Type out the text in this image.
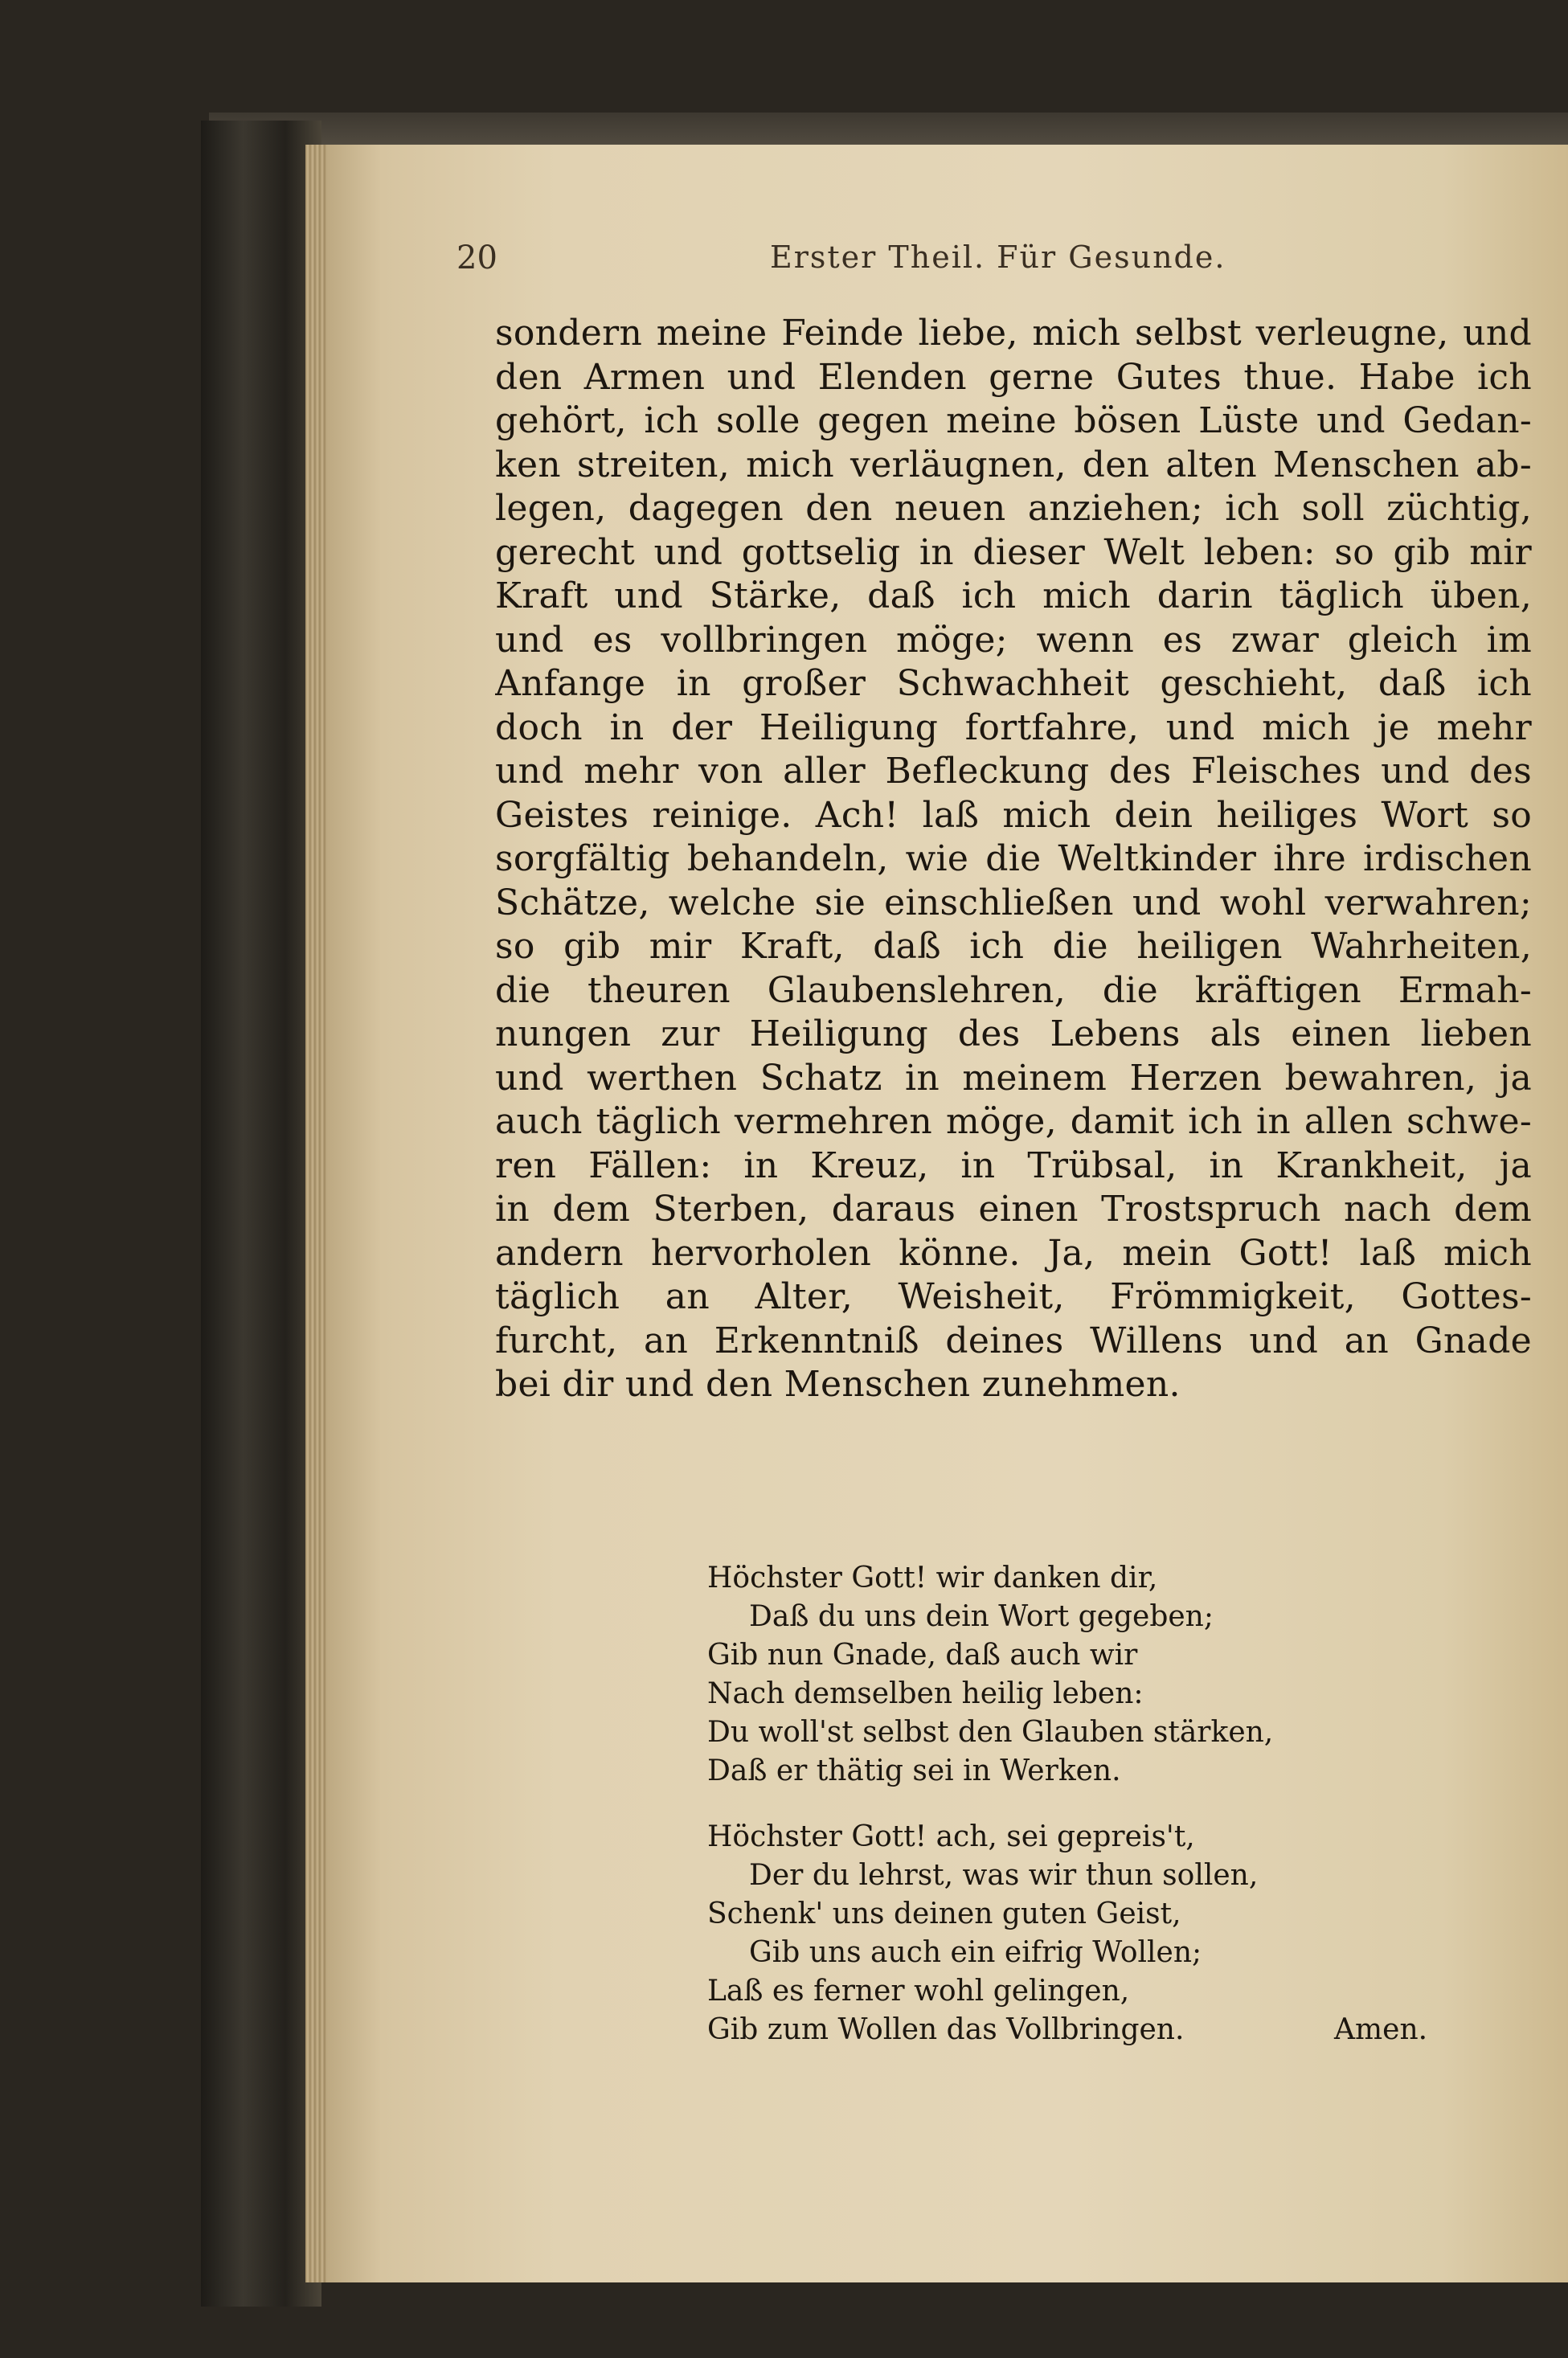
20	Erster Theil. Für Gesunde.
sondern meine Feinde liebe, mich selbst verleugne, und
den Armen und Elenden gerne Gutes thue. Habe ich
gehört, ich solle gegen meine bösen Lüste und Gedan-
ken streiten, mich verläugnen, den alten Menschen ab-
legen, dagegen den neuen anziehen; ich soll züchtig,
gerecht und gottselig in dieser Welt leben: so gib mir
Kraft und Stärke, daß ich mich darin täglich üben,
und es vollbringen möge; wenn es zwar gleich im
Anfange in großer Schwachheit geschieht, daß ich
doch in der Heiligung fortfahre, und mich je mehr
und mehr von aller Befleckung des Fleisches und des
Geistes reinige. Ach! laß mich dein heiliges Wort so
sorgfältig behandeln, wie die Weltkinder ihre irdischen
Schätze, welche sie einschließen und wohl verwahren;
so gib mir Kraft, daß ich die heiligen Wahrheiten,
die theuren Glaubenslehren, die kräftigen Ermah-
nungen zur Heiligung des Lebens als einen lieben
und werthen Schatz in meinem Herzen bewahren, ja
auch täglich vermehren möge, damit ich in allen schwe-
ren Fällen: in Kreuz, in Trübsal, in Krankheit, ja
in dem Sterben, daraus einen Trostspruch nach dem
andern hervorholen könne. Ja, mein Gott! laß mich
täglich an Alter, Weisheit, Frömmigkeit, Gottes-
furcht, an Erkenntniß deines Willens und an Gnade
bei dir und den Menschen zunehmen.
Höchster Gott! wir danken dir,
Daß du uns dein Wort gegeben;
Gib nun Gnade, daß auch wir
Nach demselben heilig leben:
Du woll'st selbst den Glauben stärken,
Daß er thätig sei in Werken.
Höchster Gott! ach, sei gepreis't,
Der du lehrst, was wir thun sollen,
Schenk' uns deinen guten Geist,
Gib uns auch ein eifrig Wollen;
Laß es ferner wohl gelingen,
Gib zum Wollen das Vollbringen.	Amen.
